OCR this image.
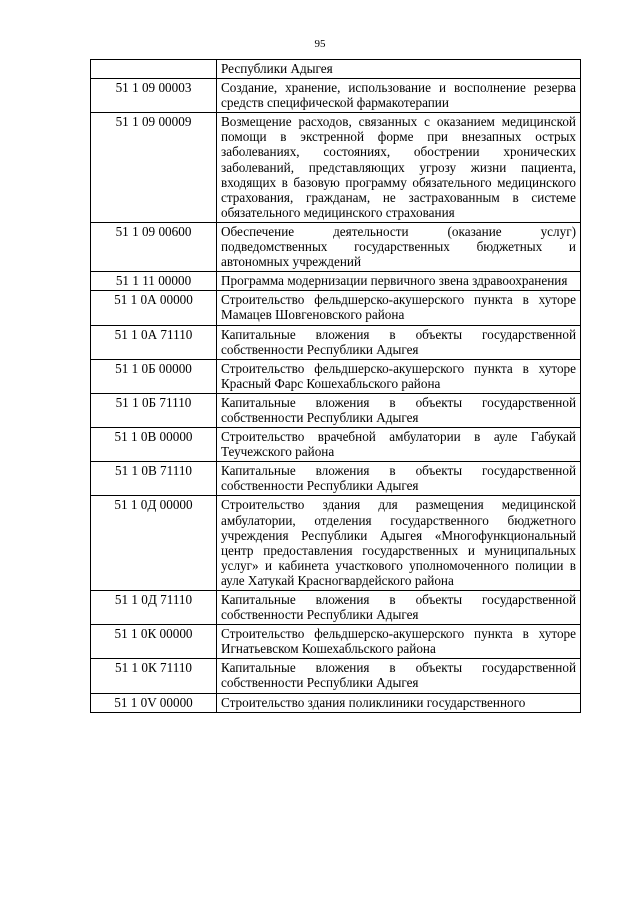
95
	Республики Адыгея
51 1 09 00003	Создание, хранение, использование и восполнение резерва средств специфической фармакотерапии
51 1 09 00009	Возмещение расходов, связанных с оказанием медицинской помощи в экстренной форме при внезапных острых заболеваниях, состояниях, обострении хронических заболеваний, представляющих угрозу жизни пациента, входящих в базовую программу обязательного медицинского страхования, гражданам, не застрахованным в системе обязательного медицинского страхования
51 1 09 00600	Обеспечение деятельности (оказание услуг) подведомственных государственных бюджетных и автономных учреждений
51 1 11 00000	Программа модернизации первичного звена здравоохранения
51 1 0А 00000	Строительство фельдшерско-акушерского пункта в хуторе Мамацев Шовгеновского района
51 1 0А 71110	Капитальные вложения в объекты государственной собственности Республики Адыгея
51 1 0Б 00000	Строительство фельдшерско-акушерского пункта в хуторе Красный Фарс Кошехабльского района
51 1 0Б 71110	Капитальные вложения в объекты государственной собственности Республики Адыгея
51 1 0В 00000	Строительство врачебной амбулатории в ауле Габукай Теучежского района
51 1 0В 71110	Капитальные вложения в объекты государственной собственности Республики Адыгея
51 1 0Д 00000	Строительство здания для размещения медицинской амбулатории, отделения государственного бюджетного учреждения Республики Адыгея «Многофункциональный центр предоставления государственных и муниципальных услуг» и кабинета участкового уполномоченного полиции в ауле Хатукай Красногвардейского района
51 1 0Д 71110	Капитальные вложения в объекты государственной собственности Республики Адыгея
51 1 0К 00000	Строительство фельдшерско-акушерского пункта в хуторе Игнатьевском Кошехабльского района
51 1 0К 71110	Капитальные вложения в объекты государственной собственности Республики Адыгея
51 1 0V 00000	Строительство здания поликлиники государственного
